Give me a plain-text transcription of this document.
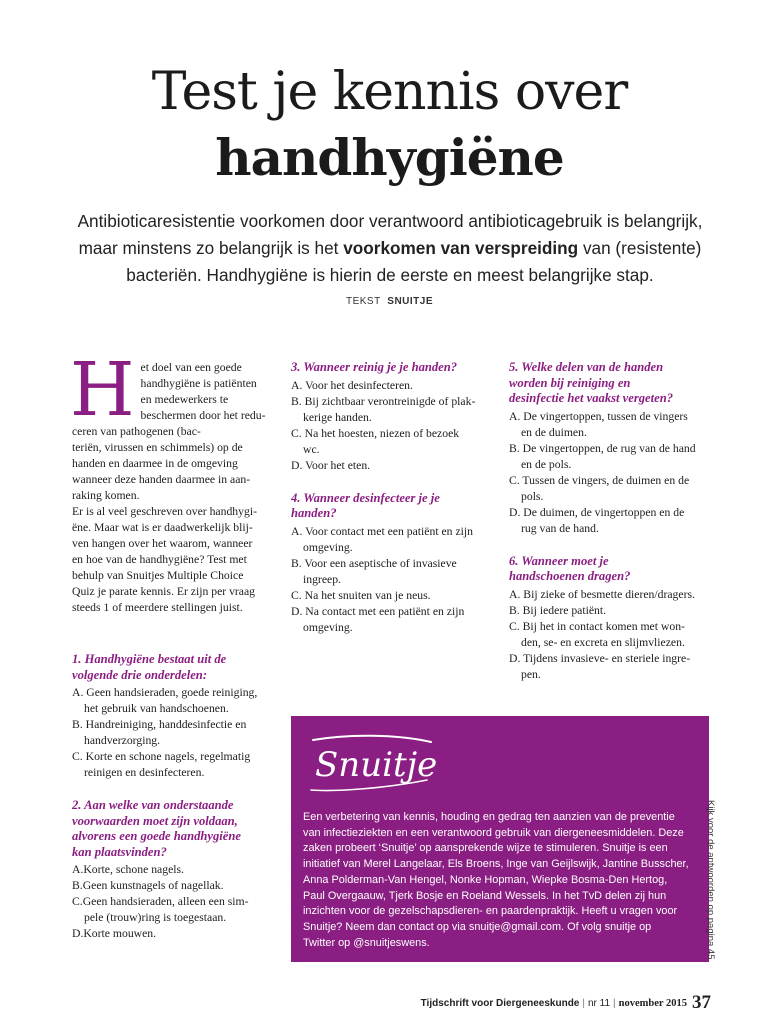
Test je kennis over
handhygiëne
Antibioticaresistentie voorkomen door verantwoord antibioticagebruik is belangrijk, maar minstens zo belangrijk is het voorkomen van verspreiding van (resistente) bacteriën. Handhygiëne is hierin de eerste en meest belangrijke stap.
TEKST SNUITJE
H et doel van een goede
handhygiëne is patiënten
en medewerkers te
beschermen door het redu-
ceren van pathogenen (bac-
teriën, virussen en schimmels) op de
handen en daarmee in de omgeving
wanneer deze handen daarmee in aan-
raking komen.

Er is al veel geschreven over handhygi-
ëne. Maar wat is er daadwerkelijk blij-
ven hangen over het waarom, wanneer
en hoe van de handhygiëne? Test met
behulp van Snuitjes Multiple Choice
Quiz je parate kennis. Er zijn per vraag
steeds 1 of meerdere stellingen juist.

1. Handhygiëne bestaat uit de
volgende drie onderdelen:
A. Geen handsieraden, goede reiniging,
het gebruik van handschoenen.
B. Handreiniging, handdesinfectie en
handverzorging.
C. Korte en schone nagels, regelmatig
reinigen en desinfecteren.
2. Aan welke van onderstaande
voorwaarden moet zijn voldaan,
alvorens een goede handhygiëne
kan plaatsvinden?
A.Korte, schone nagels.
B.Geen kunstnagels of nagellak.
C.Geen handsieraden, alleen een sim-
pele (trouw)ring is toegestaan.
D.Korte mouwen.
3. Wanneer reinig je je handen?
A. Voor het desinfecteren.
B. Bij zichtbaar verontreinigde of plak-
kerige handen.
C. Na het hoesten, niezen of bezoek
wc.
D. Voor het eten.
4. Wanneer desinfecteer je je
handen?
A. Voor contact met een patiënt en zijn
omgeving.
B. Voor een aseptische of invasieve
ingreep.
C. Na het snuiten van je neus.
D. Na contact met een patiënt en zijn
omgeving.
5. Welke delen van de handen
worden bij reiniging en
desinfectie het vaakst vergeten?
A. De vingertoppen, tussen de vingers
en de duimen.
B. De vingertoppen, de rug van de hand
en de pols.
C. Tussen de vingers, de duimen en de
pols.
D. De duimen, de vingertoppen en de
rug van de hand.
6. Wanneer moet je
handschoenen dragen?
A. Bij zieke of besmette dieren/dragers.
B. Bij iedere patiënt.
C. Bij het in contact komen met won-
den, se- en excreta en slijmvliezen.
D. Tijdens invasieve- en steriele ingre-
pen.
Snuitje
Een verbetering van kennis, houding en gedrag ten aanzien van de preventie
van infectieziekten en een verantwoord gebruik van diergeneesmiddelen. Deze
zaken probeert ‘Snuitje’ op aansprekende wijze te stimuleren. Snuitje is een
initiatief van Merel Langelaar, Els Broens, Inge van Geijlswijk, Jantine Busscher,
Anna Polderman-Van Hengel, Nonke Hopman, Wiepke Bosma-Den Hertog,
Paul Overgaauw, Tjerk Bosje en Roeland Wessels. In het TvD delen zij hun
inzichten voor de gezelschapsdieren- en paardenpraktijk. Heeft u vragen voor
Snuitje? Neem dan contact op via snuitje@gmail.com. Of volg snuitje op
Twitter op @snuitjeswens.	Kijk voor de antwoorden op pagina 45
Tijdschrift voor Diergeneeskunde | nr 11 | november 2015 37
